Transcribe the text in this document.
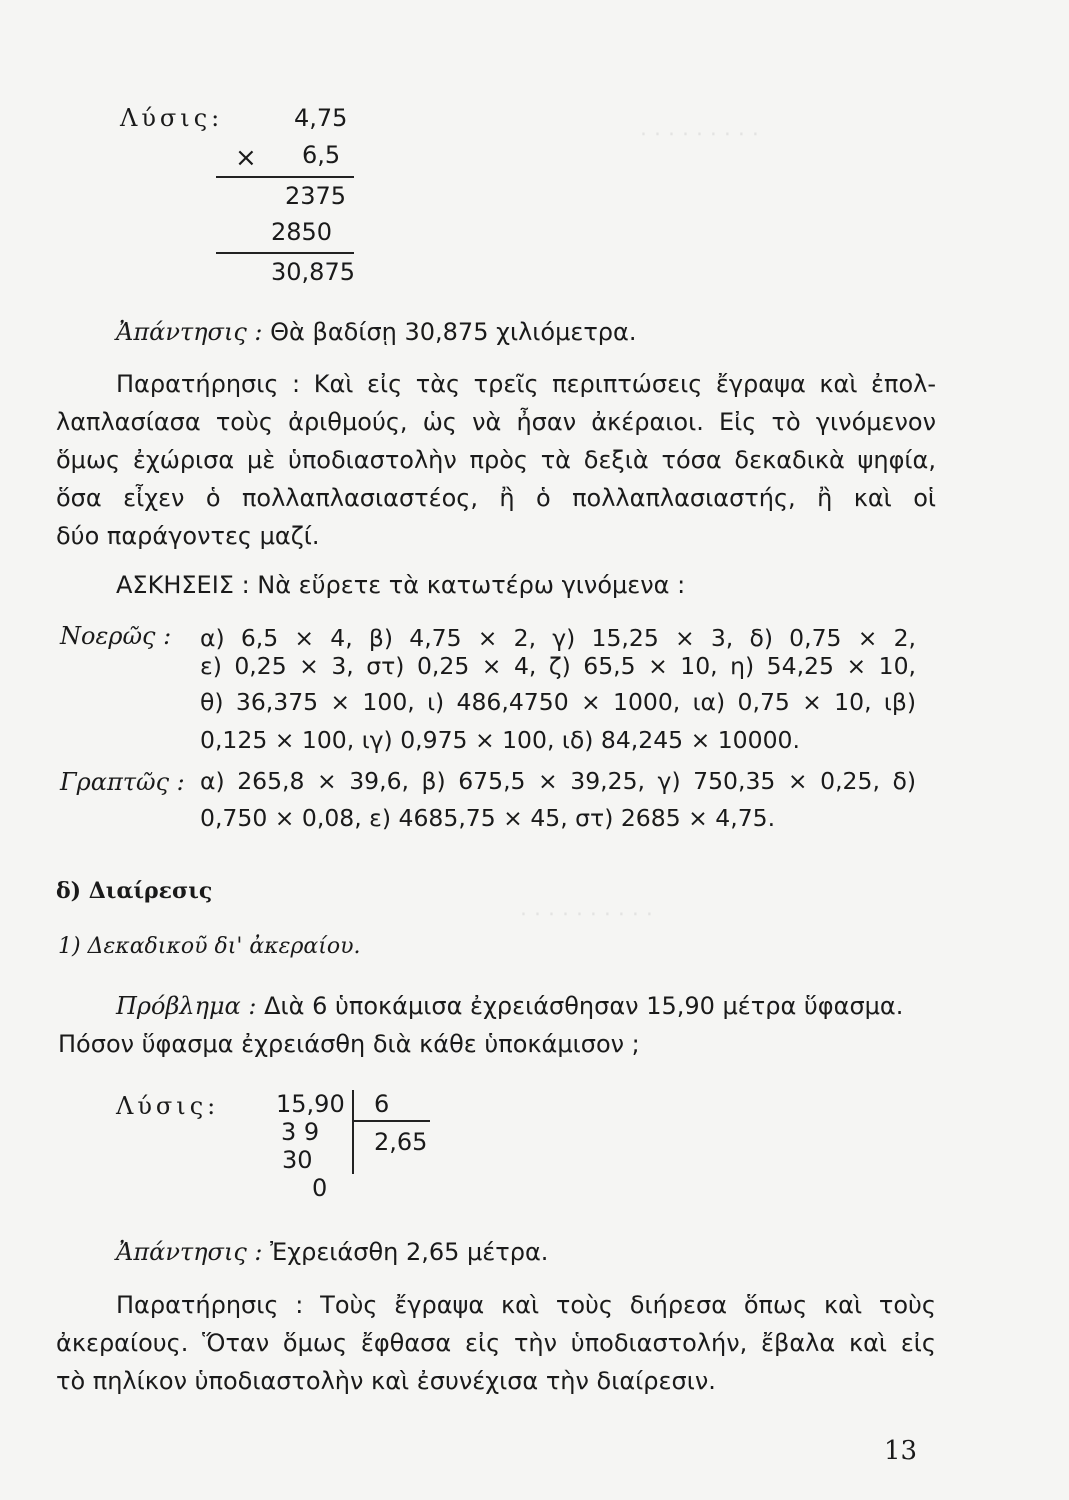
· · · · · · · · ·
· · · · · · · · · ·
Λύσις:	4,75
× 6,5
2375
2850
30,875
Ἀπάντησις : Θὰ βαδίσῃ 30,875 χιλιόμετρα.
Παρατήρησις : Καὶ εἰς τὰς τρεῖς περιπτώσεις ἔγραψα καὶ ἐπολ-
λαπλασίασα τοὺς ἀριθμούς, ὡς νὰ ἦσαν ἀκέραιοι. Εἰς τὸ γινόμενον
ὅμως ἐχώρισα μὲ ὑποδιαστολὴν πρὸς τὰ δεξιὰ τόσα δεκαδικὰ ψηφία,
ὅσα εἶχεν ὁ πολλαπλασιαστέος, ἢ ὁ πολλαπλασιαστής, ἢ καὶ οἱ
δύο παράγοντες μαζί.
ΑΣΚΗΣΕΙΣ : Νὰ εὕρετε τὰ κατωτέρω γινόμενα :
Νοερῶς : α) 6,5 × 4, β) 4,75 × 2, γ) 15,25 × 3, δ) 0,75 × 2,
ε) 0,25 × 3, στ) 0,25 × 4, ζ) 65,5 × 10, η) 54,25 × 10,
θ) 36,375 × 100, ι) 486,4750 × 1000, ια) 0,75 × 10, ιβ)
0,125 × 100, ιγ) 0,975 × 100, ιδ) 84,245 × 10000.
Γραπτῶς : α) 265,8 × 39,6, β) 675,5 × 39,25, γ) 750,35 × 0,25, δ)
0,750 × 0,08, ε) 4685,75 × 45, στ) 2685 × 4,75.
δ) Διαίρεσις
1) Δεκαδικοῦ δι' ἀκεραίου.
Πρόβλημα : Διὰ 6 ὑποκάμισα ἐχρειάσθησαν 15,90 μέτρα ὕφασμα.
Πόσον ὕφασμα ἐχρειάσθη διὰ κάθε ὑποκάμισον ;
Λύσις: 15,90 6
3 9 2,65
30
0
Ἀπάντησις : Ἐχρειάσθη 2,65 μέτρα.
Παρατήρησις : Τοὺς ἔγραψα καὶ τοὺς διήρεσα ὅπως καὶ τοὺς
ἀκεραίους. Ὅταν ὅμως ἔφθασα εἰς τὴν ὑποδιαστολήν, ἔβαλα καὶ εἰς
τὸ πηλίκον ὑποδιαστολὴν καὶ ἐσυνέχισα τὴν διαίρεσιν.
13
